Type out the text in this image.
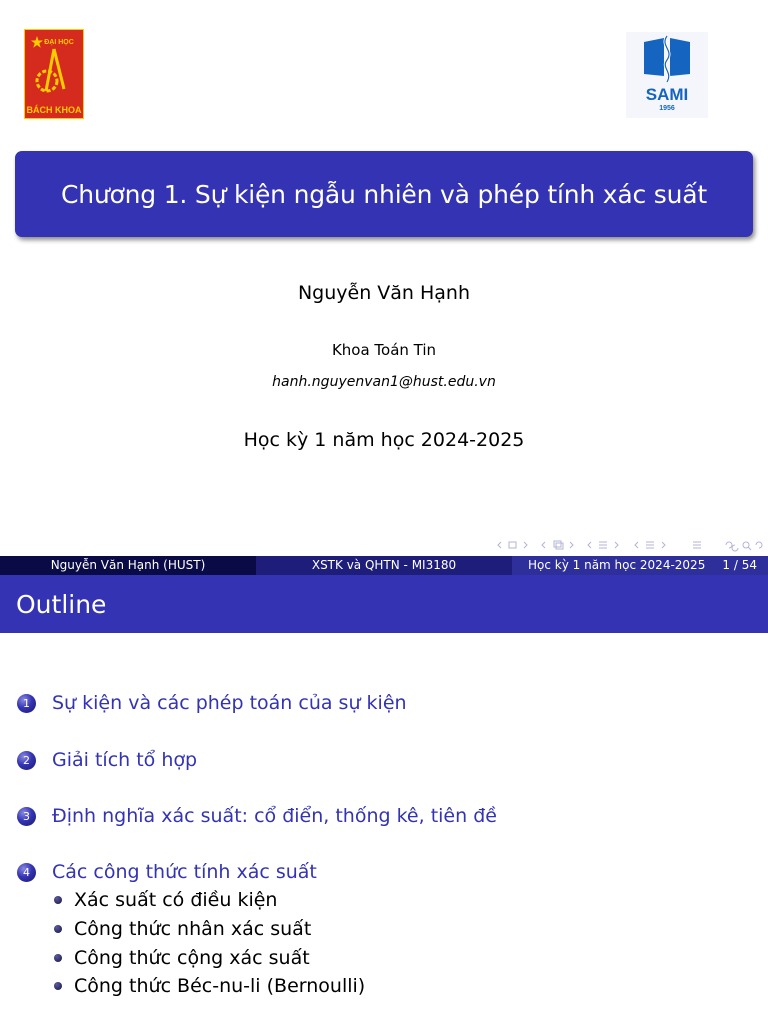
ĐẠI HỌC
BÁCH KHOA
SAMI
1956
Chương 1. Sự kiện ngẫu nhiên và phép tính xác suất
Nguyễn Văn Hạnh
Khoa Toán Tin
hanh.nguyenvan1@hust.edu.vn
Học kỳ 1 năm học 2024-2025
Nguyễn Văn Hạnh (HUST)	XSTK và QHTN - MI3180	Học kỳ 1 năm học 2024-2025 1 / 54
Outline
1	Sự kiện và các phép toán của sự kiện
2	Giải tích tổ hợp
3	Định nghĩa xác suất: cổ điển, thống kê, tiên đề
4	Các công thức tính xác suất
Xác suất có điều kiện
Công thức nhân xác suất
Công thức cộng xác suất
Công thức Béc-nu-li (Bernoulli)
